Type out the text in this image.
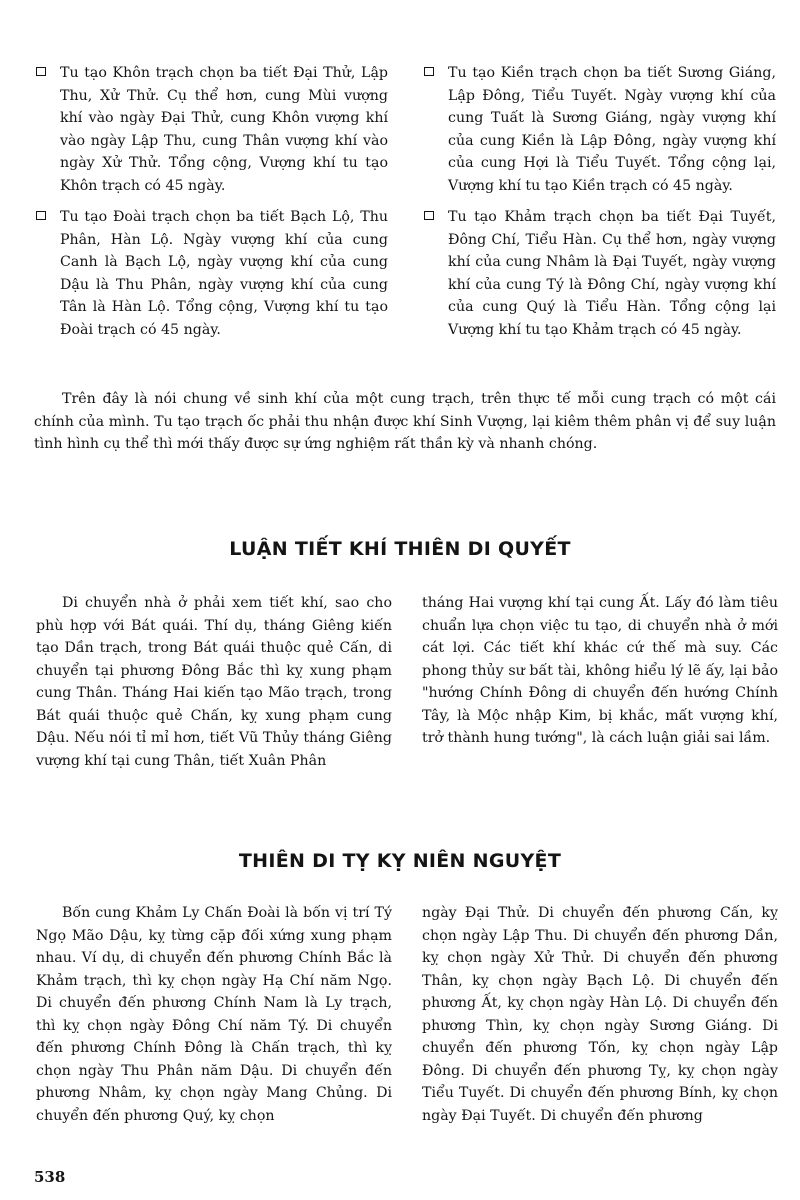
Tu tạo Khôn trạch chọn ba tiết Đại Thử, Lập Thu, Xử Thử. Cụ thể hơn, cung Mùi vượng khí vào ngày Đại Thử, cung Khôn vượng khí vào ngày Lập Thu, cung Thân vượng khí vào ngày Xử Thử. Tổng cộng, Vượng khí tu tạo Khôn trạch có 45 ngày.

Tu tạo Đoài trạch chọn ba tiết Bạch Lộ, Thu Phân, Hàn Lộ. Ngày vượng khí của cung Canh là Bạch Lộ, ngày vượng khí của cung Dậu là Thu Phân, ngày vượng khí của cung Tân là Hàn Lộ. Tổng cộng, Vượng khí tu tạo Đoài trạch có 45 ngày.

Tu tạo Kiền trạch chọn ba tiết Sương Giáng, Lập Đông, Tiểu Tuyết. Ngày vượng khí của cung Tuất là Sương Giáng, ngày vượng khí của cung Kiền là Lập Đông, ngày vượng khí của cung Hợi là Tiểu Tuyết. Tổng cộng lại, Vượng khí tu tạo Kiền trạch có 45 ngày.

Tu tạo Khảm trạch chọn ba tiết Đại Tuyết, Đông Chí, Tiểu Hàn. Cụ thể hơn, ngày vượng khí của cung Nhâm là Đại Tuyết, ngày vượng khí của cung Tý là Đông Chí, ngày vượng khí của cung Quý là Tiểu Hàn. Tổng cộng lại Vượng khí tu tạo Khảm trạch có 45 ngày.

Trên đây là nói chung về sinh khí của một cung trạch, trên thực tế mỗi cung trạch có một cái chính của mình. Tu tạo trạch ốc phải thu nhận được khí Sinh Vượng, lại kiêm thêm phân vị để suy luận tình hình cụ thể thì mới thấy được sự ứng nghiệm rất thần kỳ và nhanh chóng.

LUẬN TIẾT KHÍ THIÊN DI QUYẾT

Di chuyển nhà ở phải xem tiết khí, sao cho phù hợp với Bát quái. Thí dụ, tháng Giêng kiến tạo Dần trạch, trong Bát quái thuộc quẻ Cấn, di chuyển tại phương Đông Bắc thì kỵ xung phạm cung Thân. Tháng Hai kiến tạo Mão trạch, trong Bát quái thuộc quẻ Chấn, kỵ xung phạm cung Dậu. Nếu nói tỉ mỉ hơn, tiết Vũ Thủy tháng Giêng vượng khí tại cung Thân, tiết Xuân Phân

tháng Hai vượng khí tại cung Ất. Lấy đó làm tiêu chuẩn lựa chọn việc tu tạo, di chuyển nhà ở mới cát lợi. Các tiết khí khác cứ thế mà suy. Các phong thủy sư bất tài, không hiểu lý lẽ ấy, lại bảo "hướng Chính Đông di chuyển đến hướng Chính Tây, là Mộc nhập Kim, bị khắc, mất vượng khí, trở thành hung tướng", là cách luận giải sai lầm.

THIÊN DI TỴ KỴ NIÊN NGUYỆT

Bốn cung Khảm Ly Chấn Đoài là bốn vị trí Tý Ngọ Mão Dậu, kỵ từng cặp đối xứng xung phạm nhau. Ví dụ, di chuyển đến phương Chính Bắc là Khảm trạch, thì kỵ chọn ngày Hạ Chí năm Ngọ. Di chuyển đến phương Chính Nam là Ly trạch, thì kỵ chọn ngày Đông Chí năm Tý. Di chuyển đến phương Chính Đông là Chấn trạch, thì kỵ chọn ngày Thu Phân năm Dậu. Di chuyển đến phương Nhâm, kỵ chọn ngày Mang Chủng. Di chuyển đến phương Quý, kỵ chọn

ngày Đại Thử. Di chuyển đến phương Cấn, kỵ chọn ngày Lập Thu. Di chuyển đến phương Dần, kỵ chọn ngày Xử Thử. Di chuyển đến phương Thân, kỵ chọn ngày Bạch Lộ. Di chuyển đến phương Ất, kỵ chọn ngày Hàn Lộ. Di chuyển đến phương Thìn, kỵ chọn ngày Sương Giáng. Di chuyển đến phương Tốn, kỵ chọn ngày Lập Đông. Di chuyển đến phương Tỵ, kỵ chọn ngày Tiểu Tuyết. Di chuyển đến phương Bính, kỵ chọn ngày Đại Tuyết. Di chuyển đến phương

538
